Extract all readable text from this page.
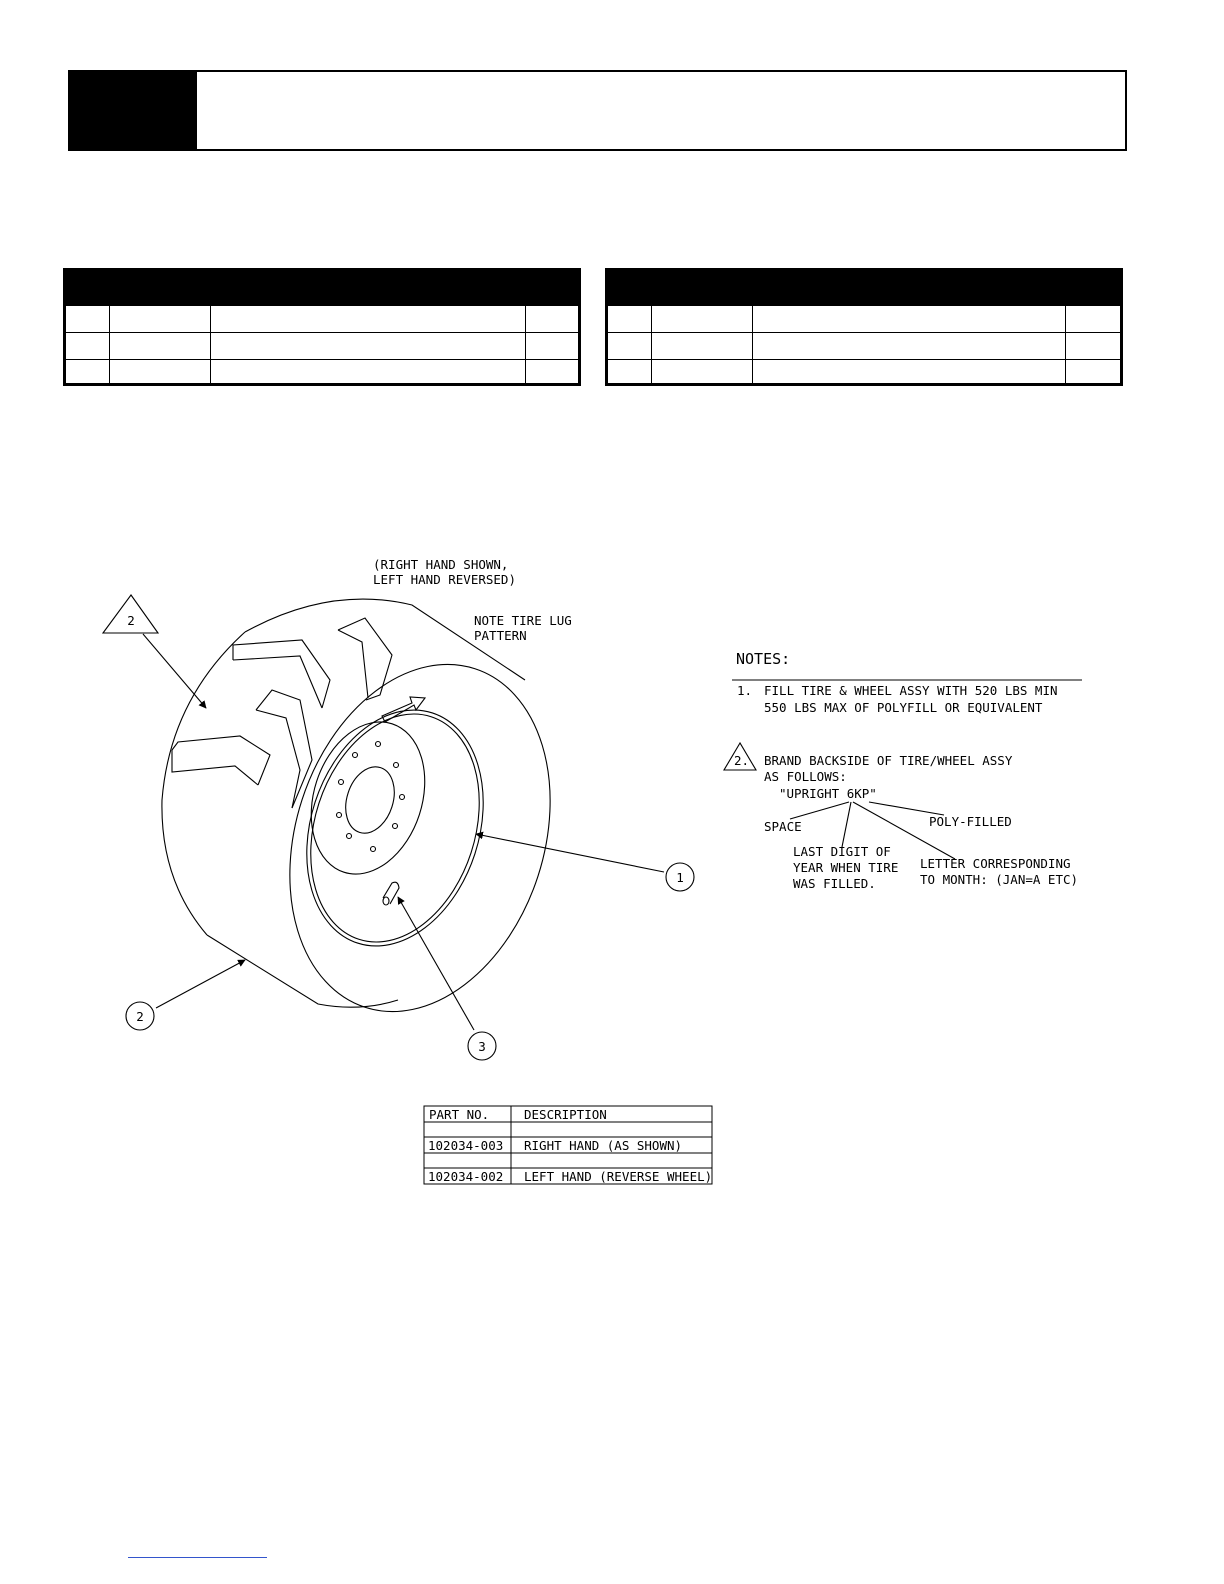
(RIGHT HAND SHOWN,
LEFT HAND REVERSED)
NOTE TIRE LUG
PATTERN
2
1
2
3
NOTES:
1. FILL TIRE & WHEEL ASSY WITH 520 LBS MIN
550 LBS MAX OF POLYFILL OR EQUIVALENT
2. BRAND BACKSIDE OF TIRE/WHEEL ASSY
AS FOLLOWS:
"UPRIGHT 6KP"
SPACE	POLY-FILLED
LAST DIGIT OF
YEAR WHEN TIRE
WAS FILLED.
LETTER CORRESPONDING
TO MONTH: (JAN=A ETC)
PART NO.	DESCRIPTION
102034-003 RIGHT HAND (AS SHOWN)
102034-002 LEFT HAND (REVERSE WHEEL)
